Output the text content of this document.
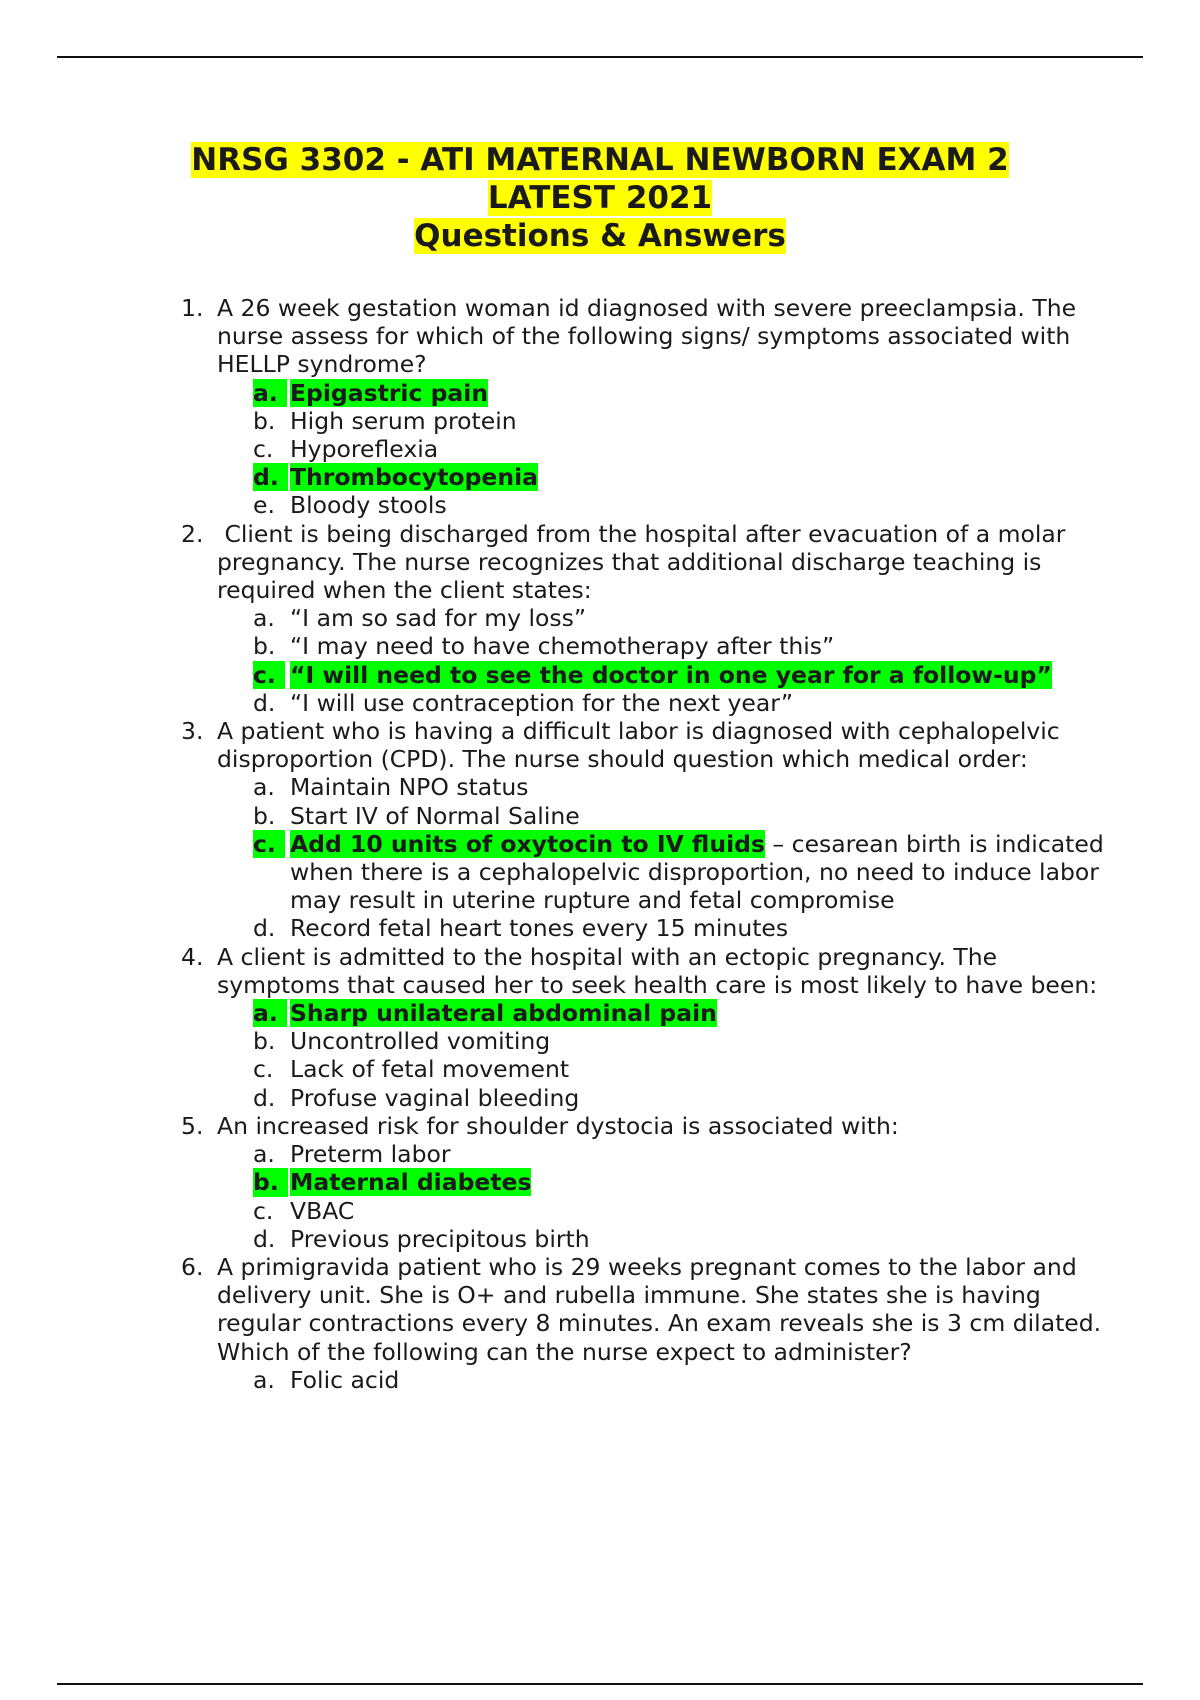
NRSG 3302 - ATI MATERNAL NEWBORN EXAM 2
LATEST 2021
Questions & Answers
1. A 26 week gestation woman id diagnosed with severe preeclampsia. The nurse assess for which of the following signs/ symptoms associated with HELLP syndrome?
a. Epigastric pain
b. High serum protein
c. Hyporeflexia
d. Thrombocytopenia
e. Bloody stools
2. Client is being discharged from the hospital after evacuation of a molar pregnancy. The nurse recognizes that additional discharge teaching is required when the client states:
a. “I am so sad for my loss”
b. “I may need to have chemotherapy after this”
c. “I will need to see the doctor in one year for a follow-up”
d. “I will use contraception for the next year”
3. A patient who is having a difficult labor is diagnosed with cephalopelvic disproportion (CPD). The nurse should question which medical order:
a. Maintain NPO status
b. Start IV of Normal Saline
c. Add 10 units of oxytocin to IV fluids – cesarean birth is indicated when there is a cephalopelvic disproportion, no need to induce labor may result in uterine rupture and fetal compromise
d. Record fetal heart tones every 15 minutes
4. A client is admitted to the hospital with an ectopic pregnancy. The symptoms that caused her to seek health care is most likely to have been:
a. Sharp unilateral abdominal pain
b. Uncontrolled vomiting
c. Lack of fetal movement
d. Profuse vaginal bleeding
5. An increased risk for shoulder dystocia is associated with:
a. Preterm labor
b. Maternal diabetes
c. VBAC
d. Previous precipitous birth
6. A primigravida patient who is 29 weeks pregnant comes to the labor and delivery unit. She is O+ and rubella immune. She states she is having regular contractions every 8 minutes. An exam reveals she is 3 cm dilated. Which of the following can the nurse expect to administer?
a. Folic acid
